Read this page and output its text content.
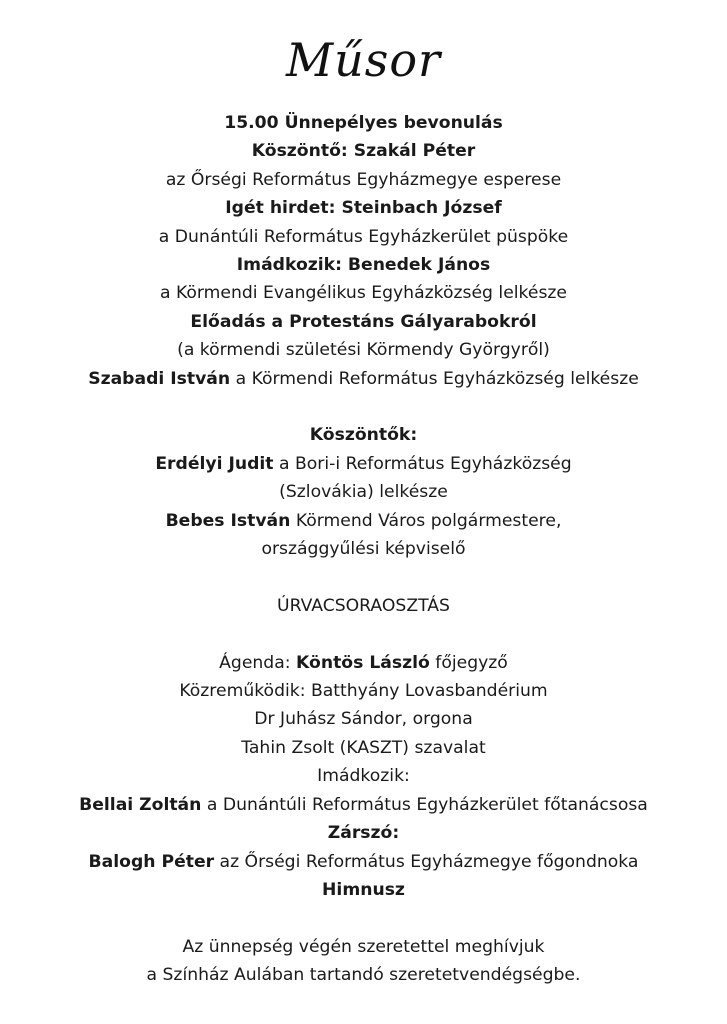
Műsor
15.00 Ünnepélyes bevonulás
Köszöntő: Szakál Péter
az Őrségi Református Egyházmegye esperese
Igét hirdet: Steinbach József
a Dunántúli Református Egyházkerület püspöke
Imádkozik: Benedek János
a Körmendi Evangélikus Egyházközség lelkésze
Előadás a Protestáns Gályarabokról
(a körmendi születési Körmendy Györgyről)
Szabadi István a Körmendi Református Egyházközség lelkésze
Köszöntők:
Erdélyi Judit a Bori-i Református Egyházközség
(Szlovákia) lelkésze
Bebes István Körmend Város polgármestere,
országgyűlési képviselő
ÚRVACSORAOSZTÁS
Ágenda: Köntös László főjegyző
Közreműködik: Batthyány Lovasbandérium
Dr Juhász Sándor, orgona
Tahin Zsolt (KASZT) szavalat
Imádkozik:
Bellai Zoltán a Dunántúli Református Egyházkerület főtanácsosa
Zárszó:
Balogh Péter az Őrségi Református Egyházmegye főgondnoka
Himnusz
Az ünnepség végén szeretettel meghívjuk
a Színház Aulában tartandó szeretetvendégségbe.
